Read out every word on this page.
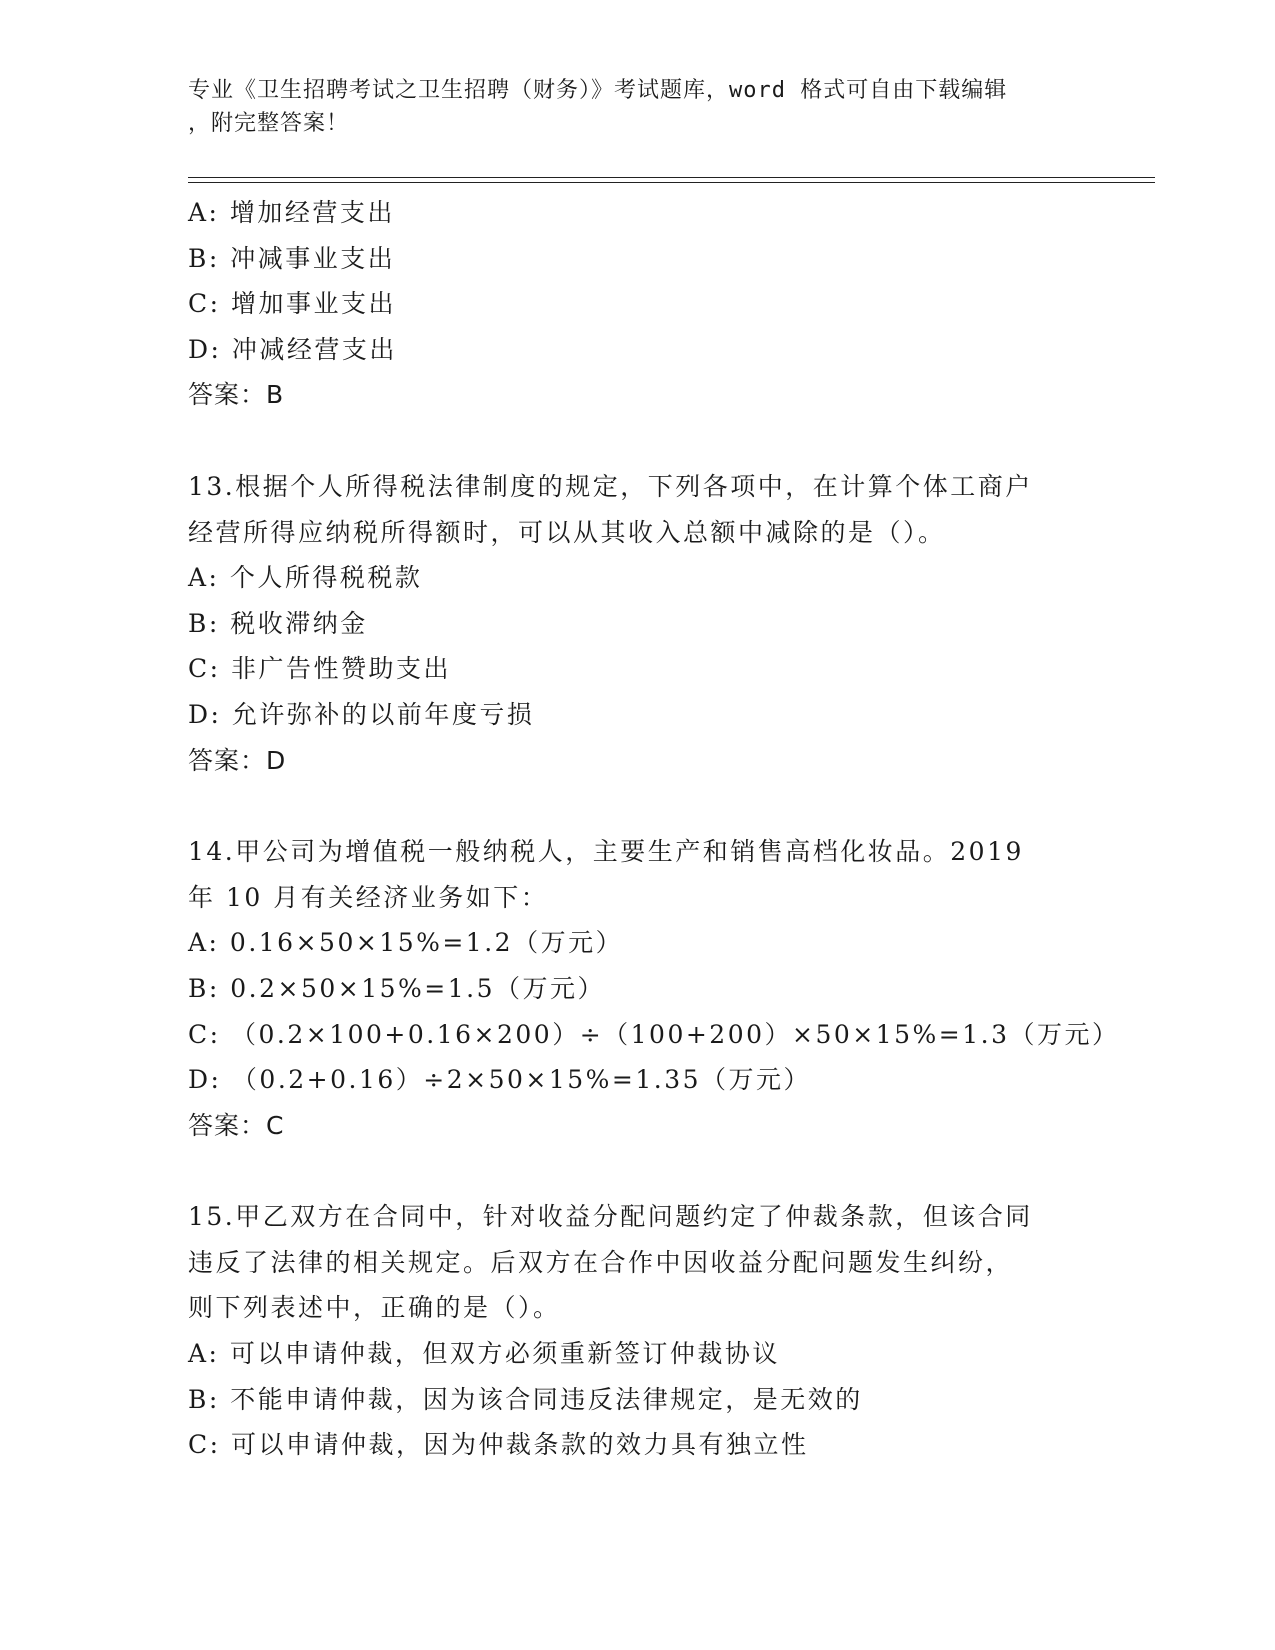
专业《卫生招聘考试之卫生招聘（财务）》考试题库，word 格式可自由下载编辑
，附完整答案！
A: 增加经营支出
B: 冲减事业支出
C: 增加事业支出
D: 冲减经营支出
答案：B
13.根据个人所得税法律制度的规定，下列各项中，在计算个体工商户
经营所得应纳税所得额时，可以从其收入总额中减除的是（）。
A: 个人所得税税款
B: 税收滞纳金
C: 非广告性赞助支出
D: 允许弥补的以前年度亏损
答案：D
14.甲公司为增值税一般纳税人，主要生产和销售高档化妆品。2019
年 10 月有关经济业务如下：
A: 0.16×50×15%=1.2（万元）
B: 0.2×50×15%=1.5（万元）
C: （0.2×100+0.16×200）÷（100+200）×50×15%=1.3（万元）
D: （0.2+0.16）÷2×50×15%=1.35（万元）
答案：C
15.甲乙双方在合同中，针对收益分配问题约定了仲裁条款，但该合同
违反了法律的相关规定。后双方在合作中因收益分配问题发生纠纷，
则下列表述中，正确的是（）。
A: 可以申请仲裁，但双方必须重新签订仲裁协议
B: 不能申请仲裁，因为该合同违反法律规定，是无效的
C: 可以申请仲裁，因为仲裁条款的效力具有独立性
